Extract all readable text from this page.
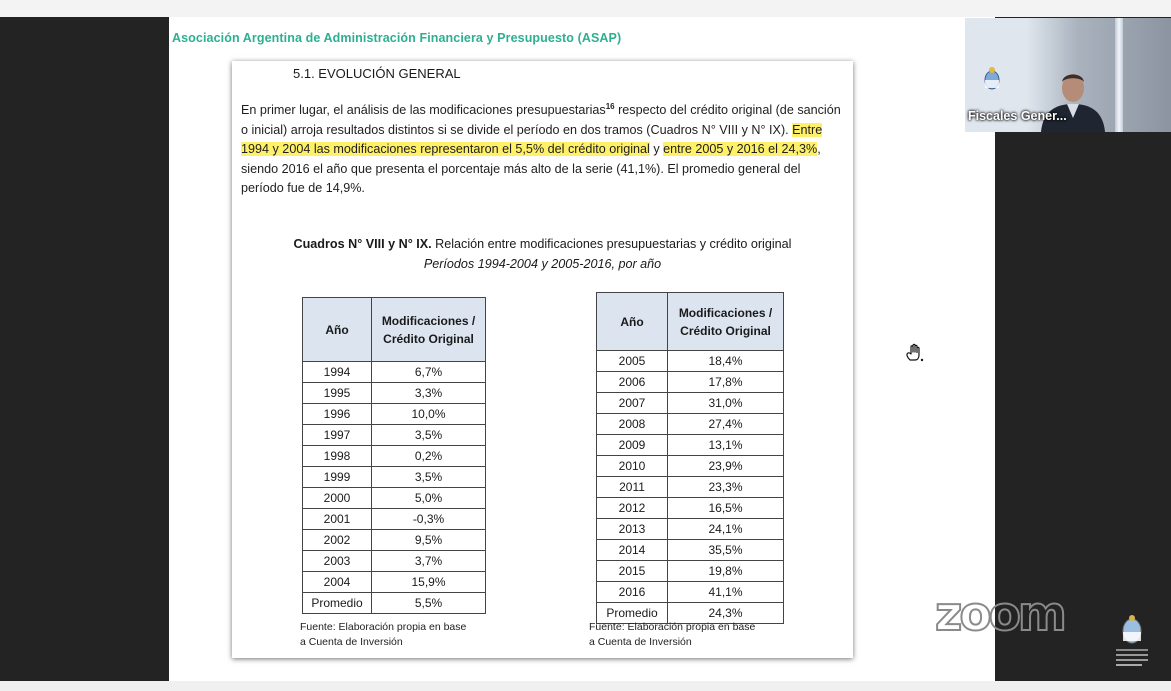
Asociación Argentina de Administración Financiera y Presupuesto (ASAP)
5.1. EVOLUCIÓN GENERAL
En primer lugar, el análisis de las modificaciones presupuestarias$^{16}$ respecto del crédito original (de sanción o inicial) arroja resultados distintos si se divide el período en dos tramos (Cuadros N° VIII y N° IX). Entre 1994 y 2004 las modificaciones representaron el 5,5% del crédito original y entre 2005 y 2016 el 24,3%, siendo 2016 el año que presenta el porcentaje más alto de la serie (41,1%). El promedio general del período fue de 14,9%.
Cuadros N° VIII y N° IX. Relación entre modificaciones presupuestarias y crédito original
Períodos 1994-2004 y 2005-2016, por año
Año	Modificaciones / Crédito Original
1994	6,7%
1995	3,3%
1996	10,0%
1997	3,5%
1998	0,2%
1999	3,5%
2000	5,0%
2001	-0,3%
2002	9,5%
2003	3,7%
2004	15,9%
Promedio	5,5%
Fuente: Elaboración propia en base
a Cuenta de Inversión
Año	Modificaciones / Crédito Original
2005	18,4%
2006	17,8%
2007	31,0%
2008	27,4%
2009	13,1%
2010	23,9%
2011	23,3%
2012	16,5%
2013	24,1%
2014	35,5%
2015	19,8%
2016	41,1%
Promedio	24,3%
Fuente: Elaboración propia en base
a Cuenta de Inversión
Fiscales Gener...
zoom
